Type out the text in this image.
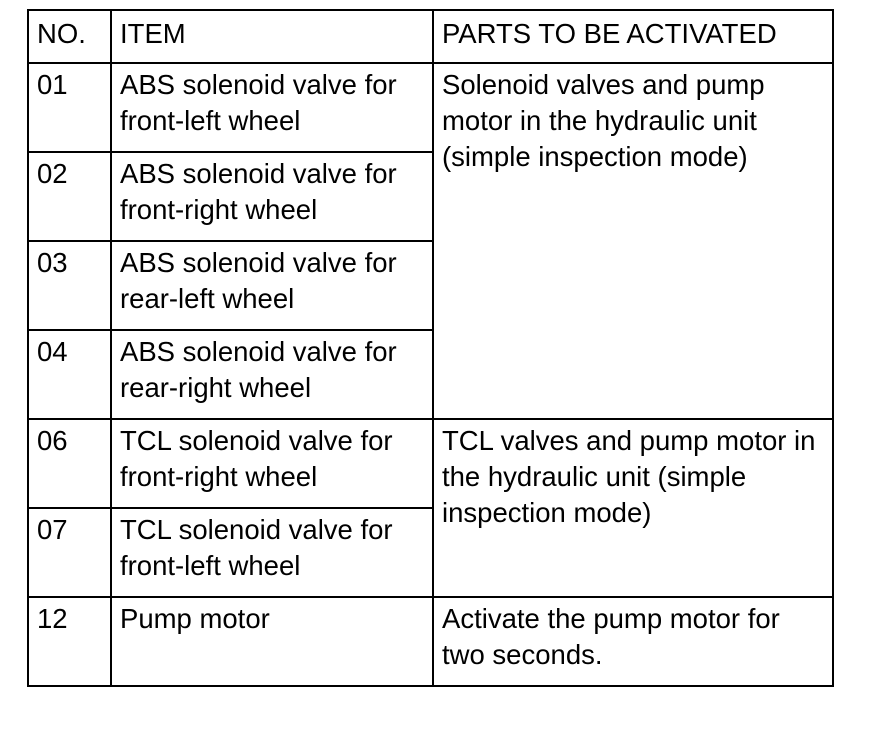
NO.	ITEM	PARTS TO BE ACTIVATED
01	ABS solenoid valve for front-left wheel	Solenoid valves and pump motor in the hydraulic unit (simple inspection mode)
02	ABS solenoid valve for front-right wheel	
03	ABS solenoid valve for rear-left wheel	
04	ABS solenoid valve for rear-right wheel	
06	TCL solenoid valve for front-right wheel	TCL valves and pump motor in the hydraulic unit (simple inspection mode)
07	TCL solenoid valve for front-left wheel	
12	Pump motor	Activate the pump motor for two seconds.
